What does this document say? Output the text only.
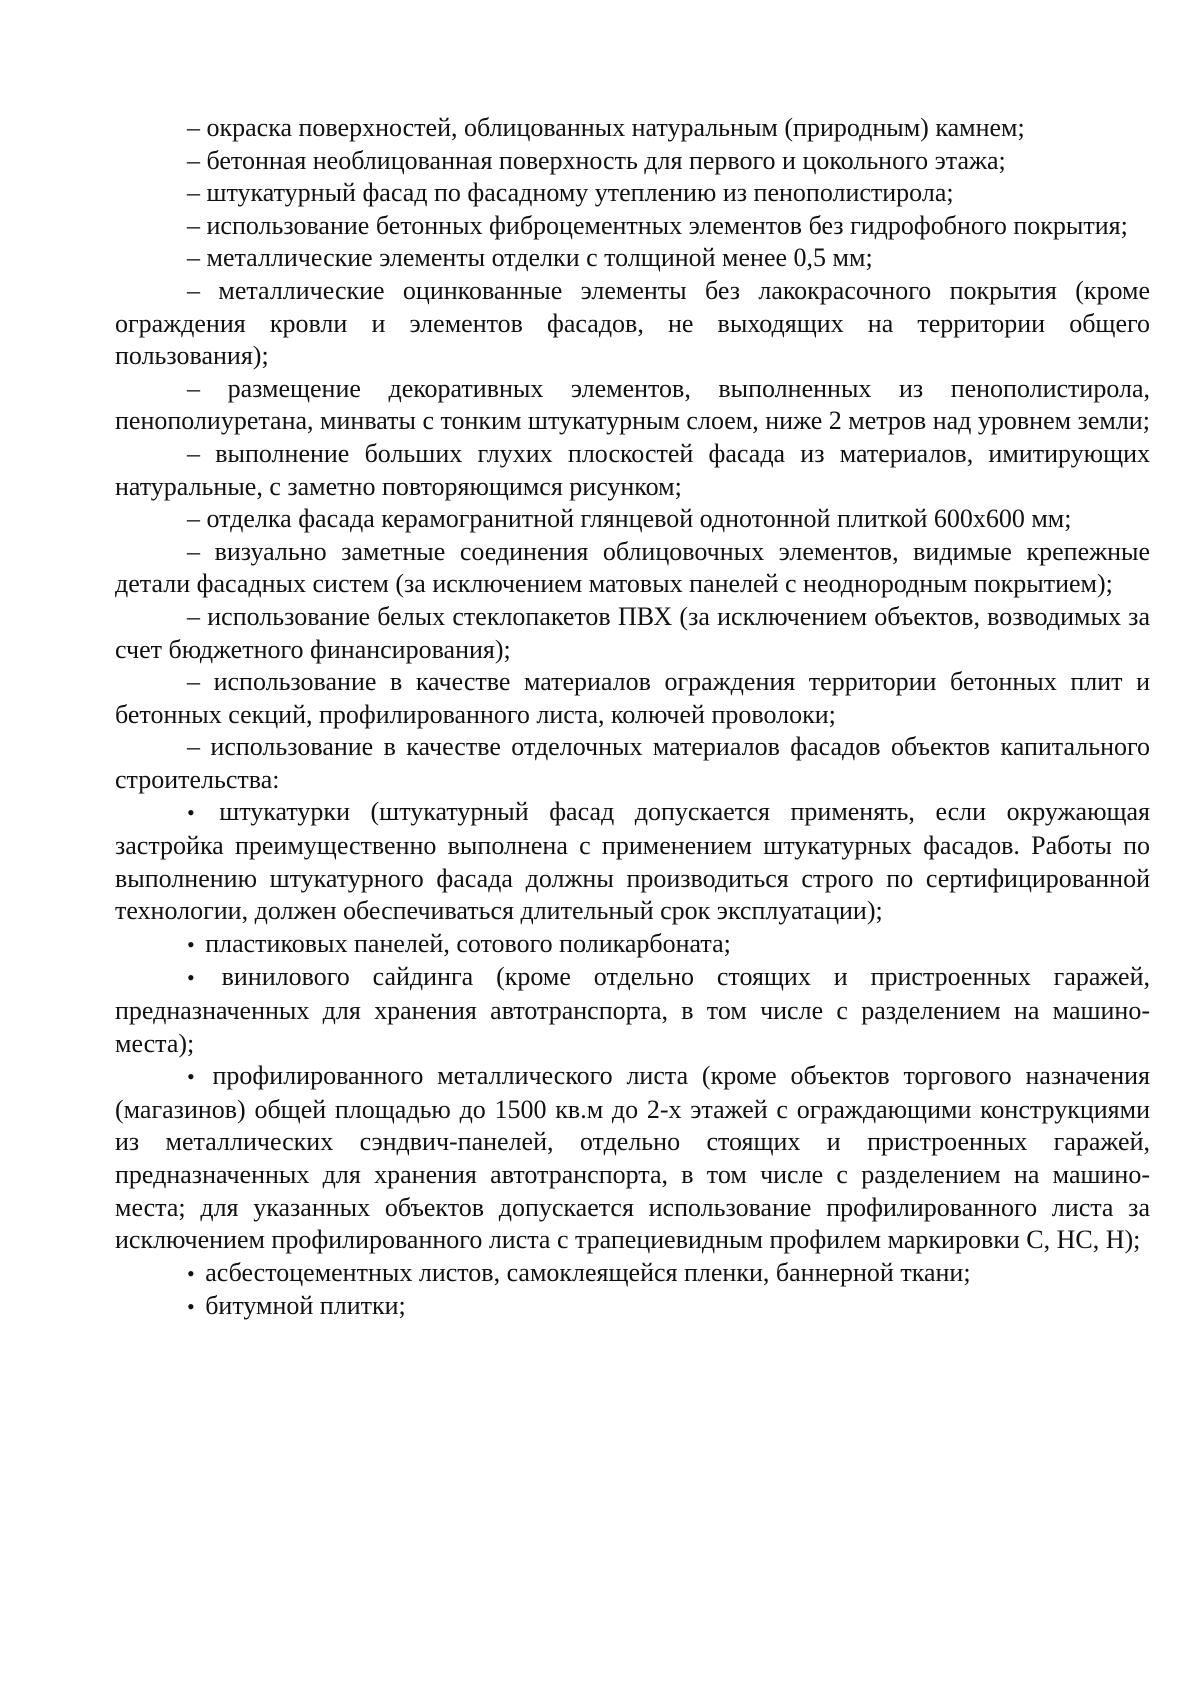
– окраска поверхностей, облицованных натуральным (природным) камнем;

– бетонная необлицованная поверхность для первого и цокольного этажа;

– штукатурный фасад по фасадному утеплению из пенополистирола;

– использование бетонных фиброцементных элементов без гидрофобного покрытия;

– металлические элементы отделки с толщиной менее 0,5 мм;

– металлические оцинкованные элементы без лакокрасочного покрытия (кроме ограждения кровли и элементов фасадов, не выходящих на территории общего пользования);

– размещение декоративных элементов, выполненных из пенополистирола, пенополиуретана, минваты с тонким штукатурным слоем, ниже 2 метров над уровнем земли;

– выполнение больших глухих плоскостей фасада из материалов, имитирующих натуральные, с заметно повторяющимся рисунком;

– отделка фасада керамогранитной глянцевой однотонной плиткой 600х600 мм;

– визуально заметные соединения облицовочных элементов, видимые крепежные детали фасадных систем (за исключением матовых панелей с неоднородным покрытием);

– использование белых стеклопакетов ПВХ (за исключением объектов, возводимых за счет бюджетного финансирования);

– использование в качестве материалов ограждения территории бетонных плит и бетонных секций, профилированного листа, колючей проволоки;

– использование в качестве отделочных материалов фасадов объектов капитального строительства:

• штукатурки (штукатурный фасад допускается применять, если окружающая застройка преимущественно выполнена с применением штукатурных фасадов. Работы по выполнению штукатурного фасада должны производиться строго по сертифицированной технологии, должен обеспечиваться длительный срок эксплуатации);

• пластиковых панелей, сотового поликарбоната;

• винилового сайдинга (кроме отдельно стоящих и пристроенных гаражей, предназначенных для хранения автотранспорта, в том числе с разделением на машино-места);

• профилированного металлического листа (кроме объектов торгового назначения (магазинов) общей площадью до 1500 кв.м до 2-х этажей с ограждающими конструкциями из металлических сэндвич-панелей, отдельно стоящих и пристроенных гаражей, предназначенных для хранения автотранспорта, в том числе с разделением на машино-места; для указанных объектов допускается использование профилированного листа за исключением профилированного листа с трапециевидным профилем маркировки С, НС, Н);

• асбестоцементных листов, самоклеящейся пленки, баннерной ткани;

• битумной плитки;
